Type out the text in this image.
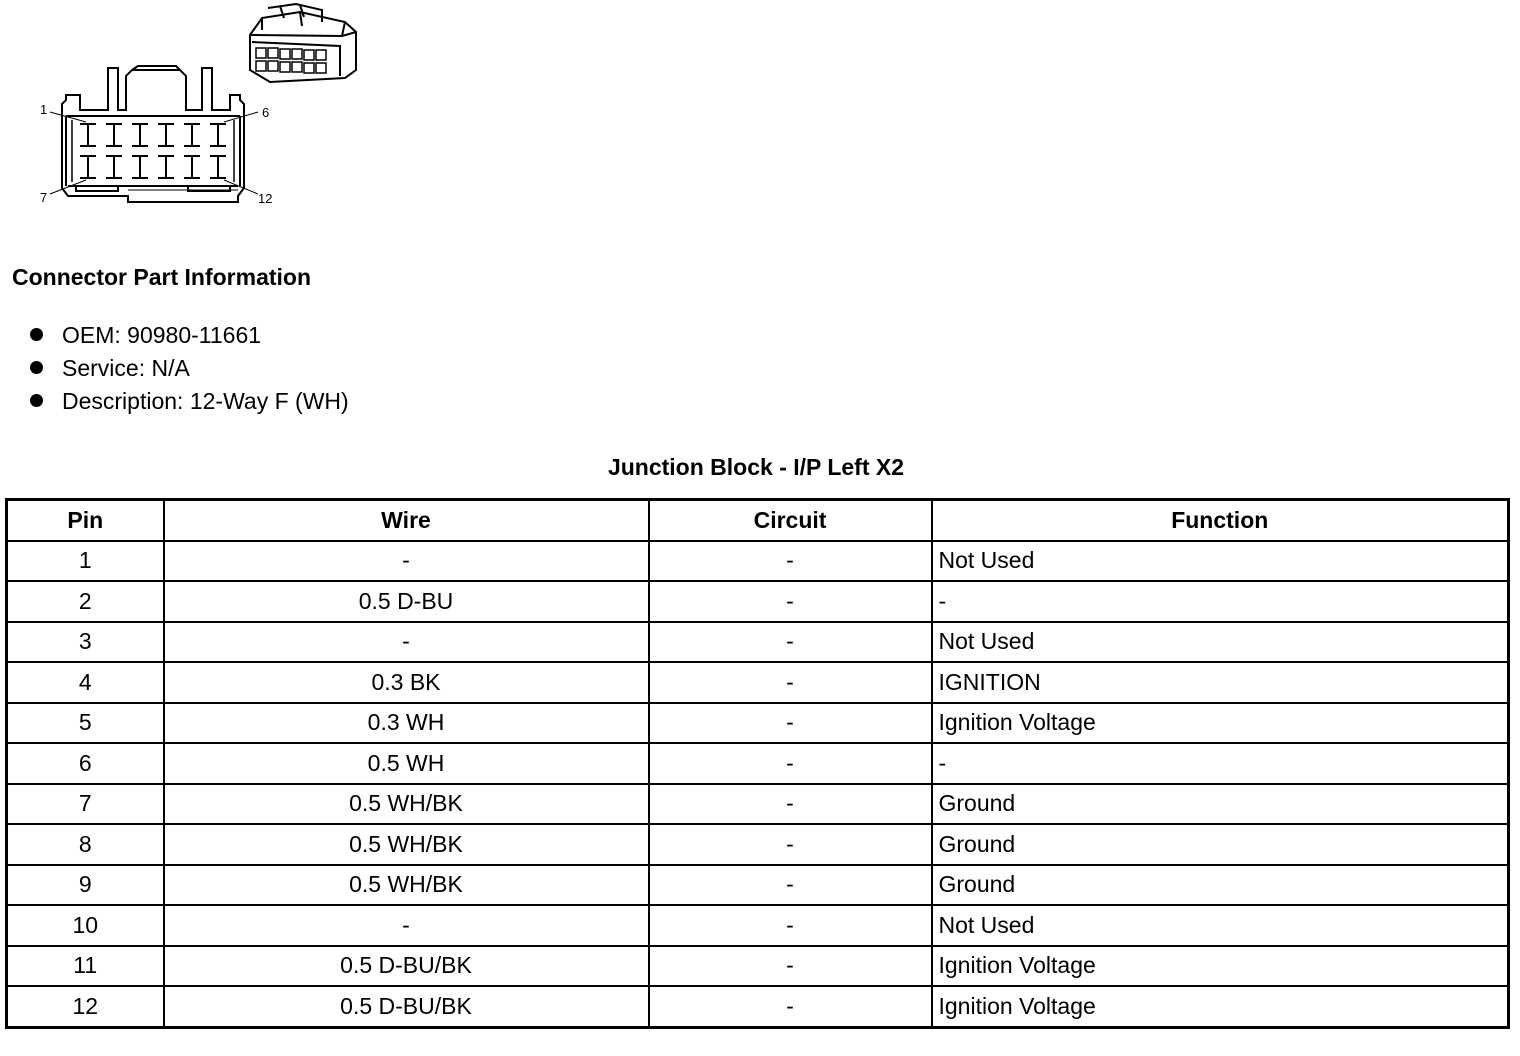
1	6
7	12
Connector Part Information
OEM: 90980-11661
Service: N/A
Description: 12-Way F (WH)
Junction Block - I/P Left X2
Pin	Wire	Circuit	Function
1	-	-	Not Used
2	0.5 D-BU	-	-
3	-	-	Not Used
4	0.3 BK	-	IGNITION
5	0.3 WH	-	Ignition Voltage
6	0.5 WH	-	-
7	0.5 WH/BK	-	Ground
8	0.5 WH/BK	-	Ground
9	0.5 WH/BK	-	Ground
10	-	-	Not Used
11	0.5 D-BU/BK	-	Ignition Voltage
12	0.5 D-BU/BK	-	Ignition Voltage
